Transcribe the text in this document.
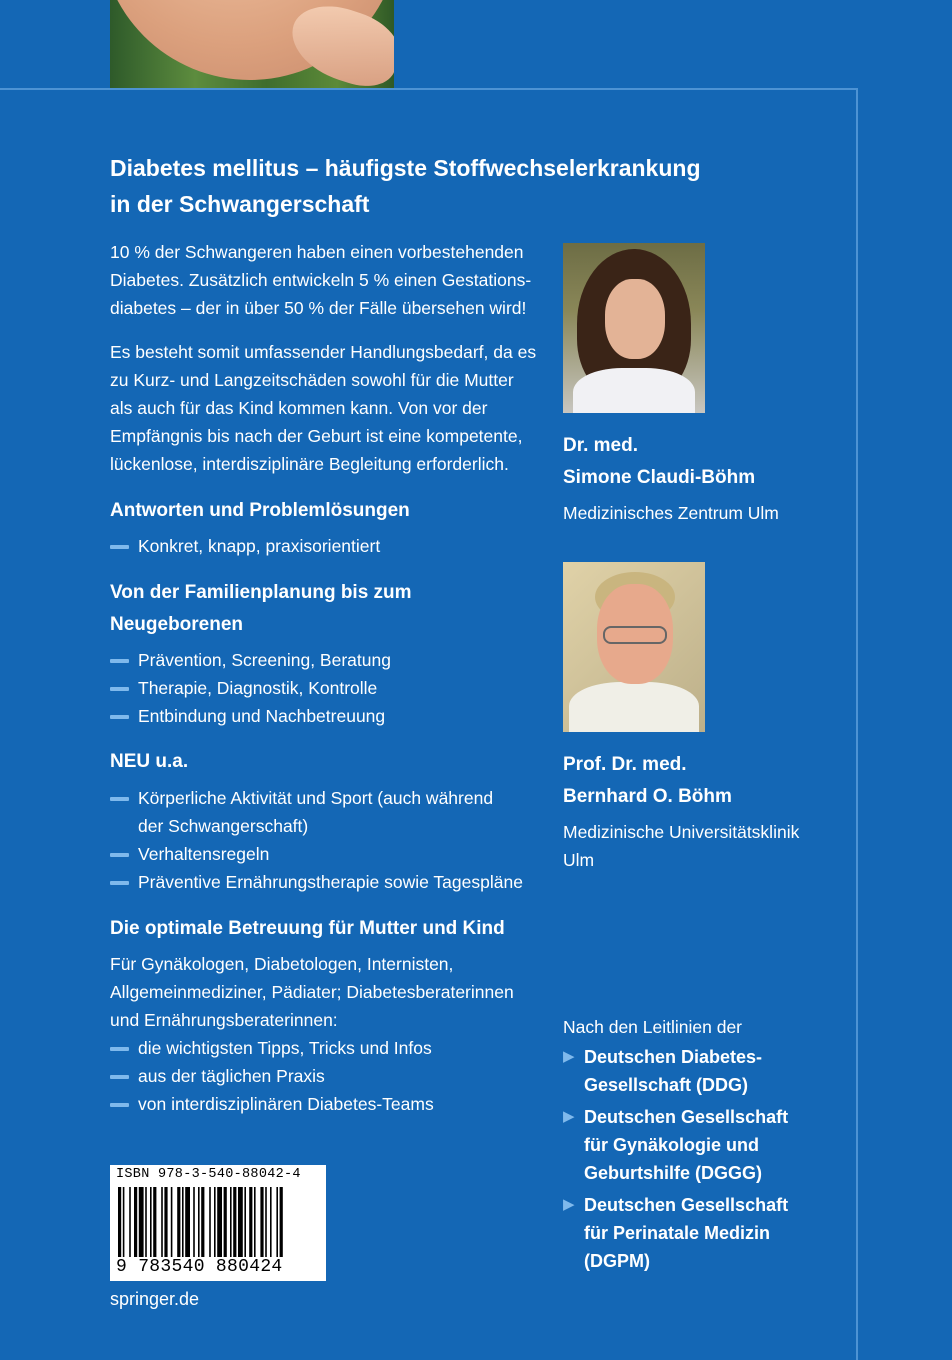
Diabetes mellitus – häufigste Stoffwechselerkrankung
in der Schwangerschaft

10 % der Schwangeren haben einen vorbestehenden
Diabetes. Zusätzlich entwickeln 5 % einen Gestations-
diabetes – der in über 50 % der Fälle übersehen wird!

Es besteht somit umfassender Handlungsbedarf, da es
zu Kurz- und Langzeitschäden sowohl für die Mutter
als auch für das Kind kommen kann. Von vor der
Empfängnis bis nach der Geburt ist eine kompetente,
lückenlose, interdisziplinäre Begleitung erforderlich.

Antworten und Problemlösungen
Konkret, knapp, praxisorientiert
Von der Familienplanung bis zum
Neugeborenen
Prävention, Screening, Beratung
Therapie, Diagnostik, Kontrolle
Entbindung und Nachbetreuung
NEU u.a.
Körperliche Aktivität und Sport (auch während
der Schwangerschaft)
Verhaltensregeln
Präventive Ernährungstherapie sowie Tagespläne
Die optimale Betreuung für Mutter und Kind

Für Gynäkologen, Diabetologen, Internisten,
Allgemeinmediziner, Pädiater; Diabetesberaterinnen
und Ernährungsberaterinnen:

die wichtigsten Tipps, Tricks und Infos
aus der täglichen Praxis
von interdisziplinären Diabetes-Teams
Dr. med.
Simone Claudi-Böhm
Medizinisches Zentrum Ulm
Prof. Dr. med.
Bernhard O. Böhm
Medizinische Universitätsklinik
Ulm

Nach den Leitlinien der

▶ Deutschen Diabetes-
Gesellschaft (DDG)
▶ Deutschen Gesellschaft
für Gynäkologie und
Geburtshilfe (DGGG)
▶ Deutschen Gesellschaft
für Perinatale Medizin
(DGPM)
ISBN 978-3-540-88042-4
9 783540 880424

springer.de
